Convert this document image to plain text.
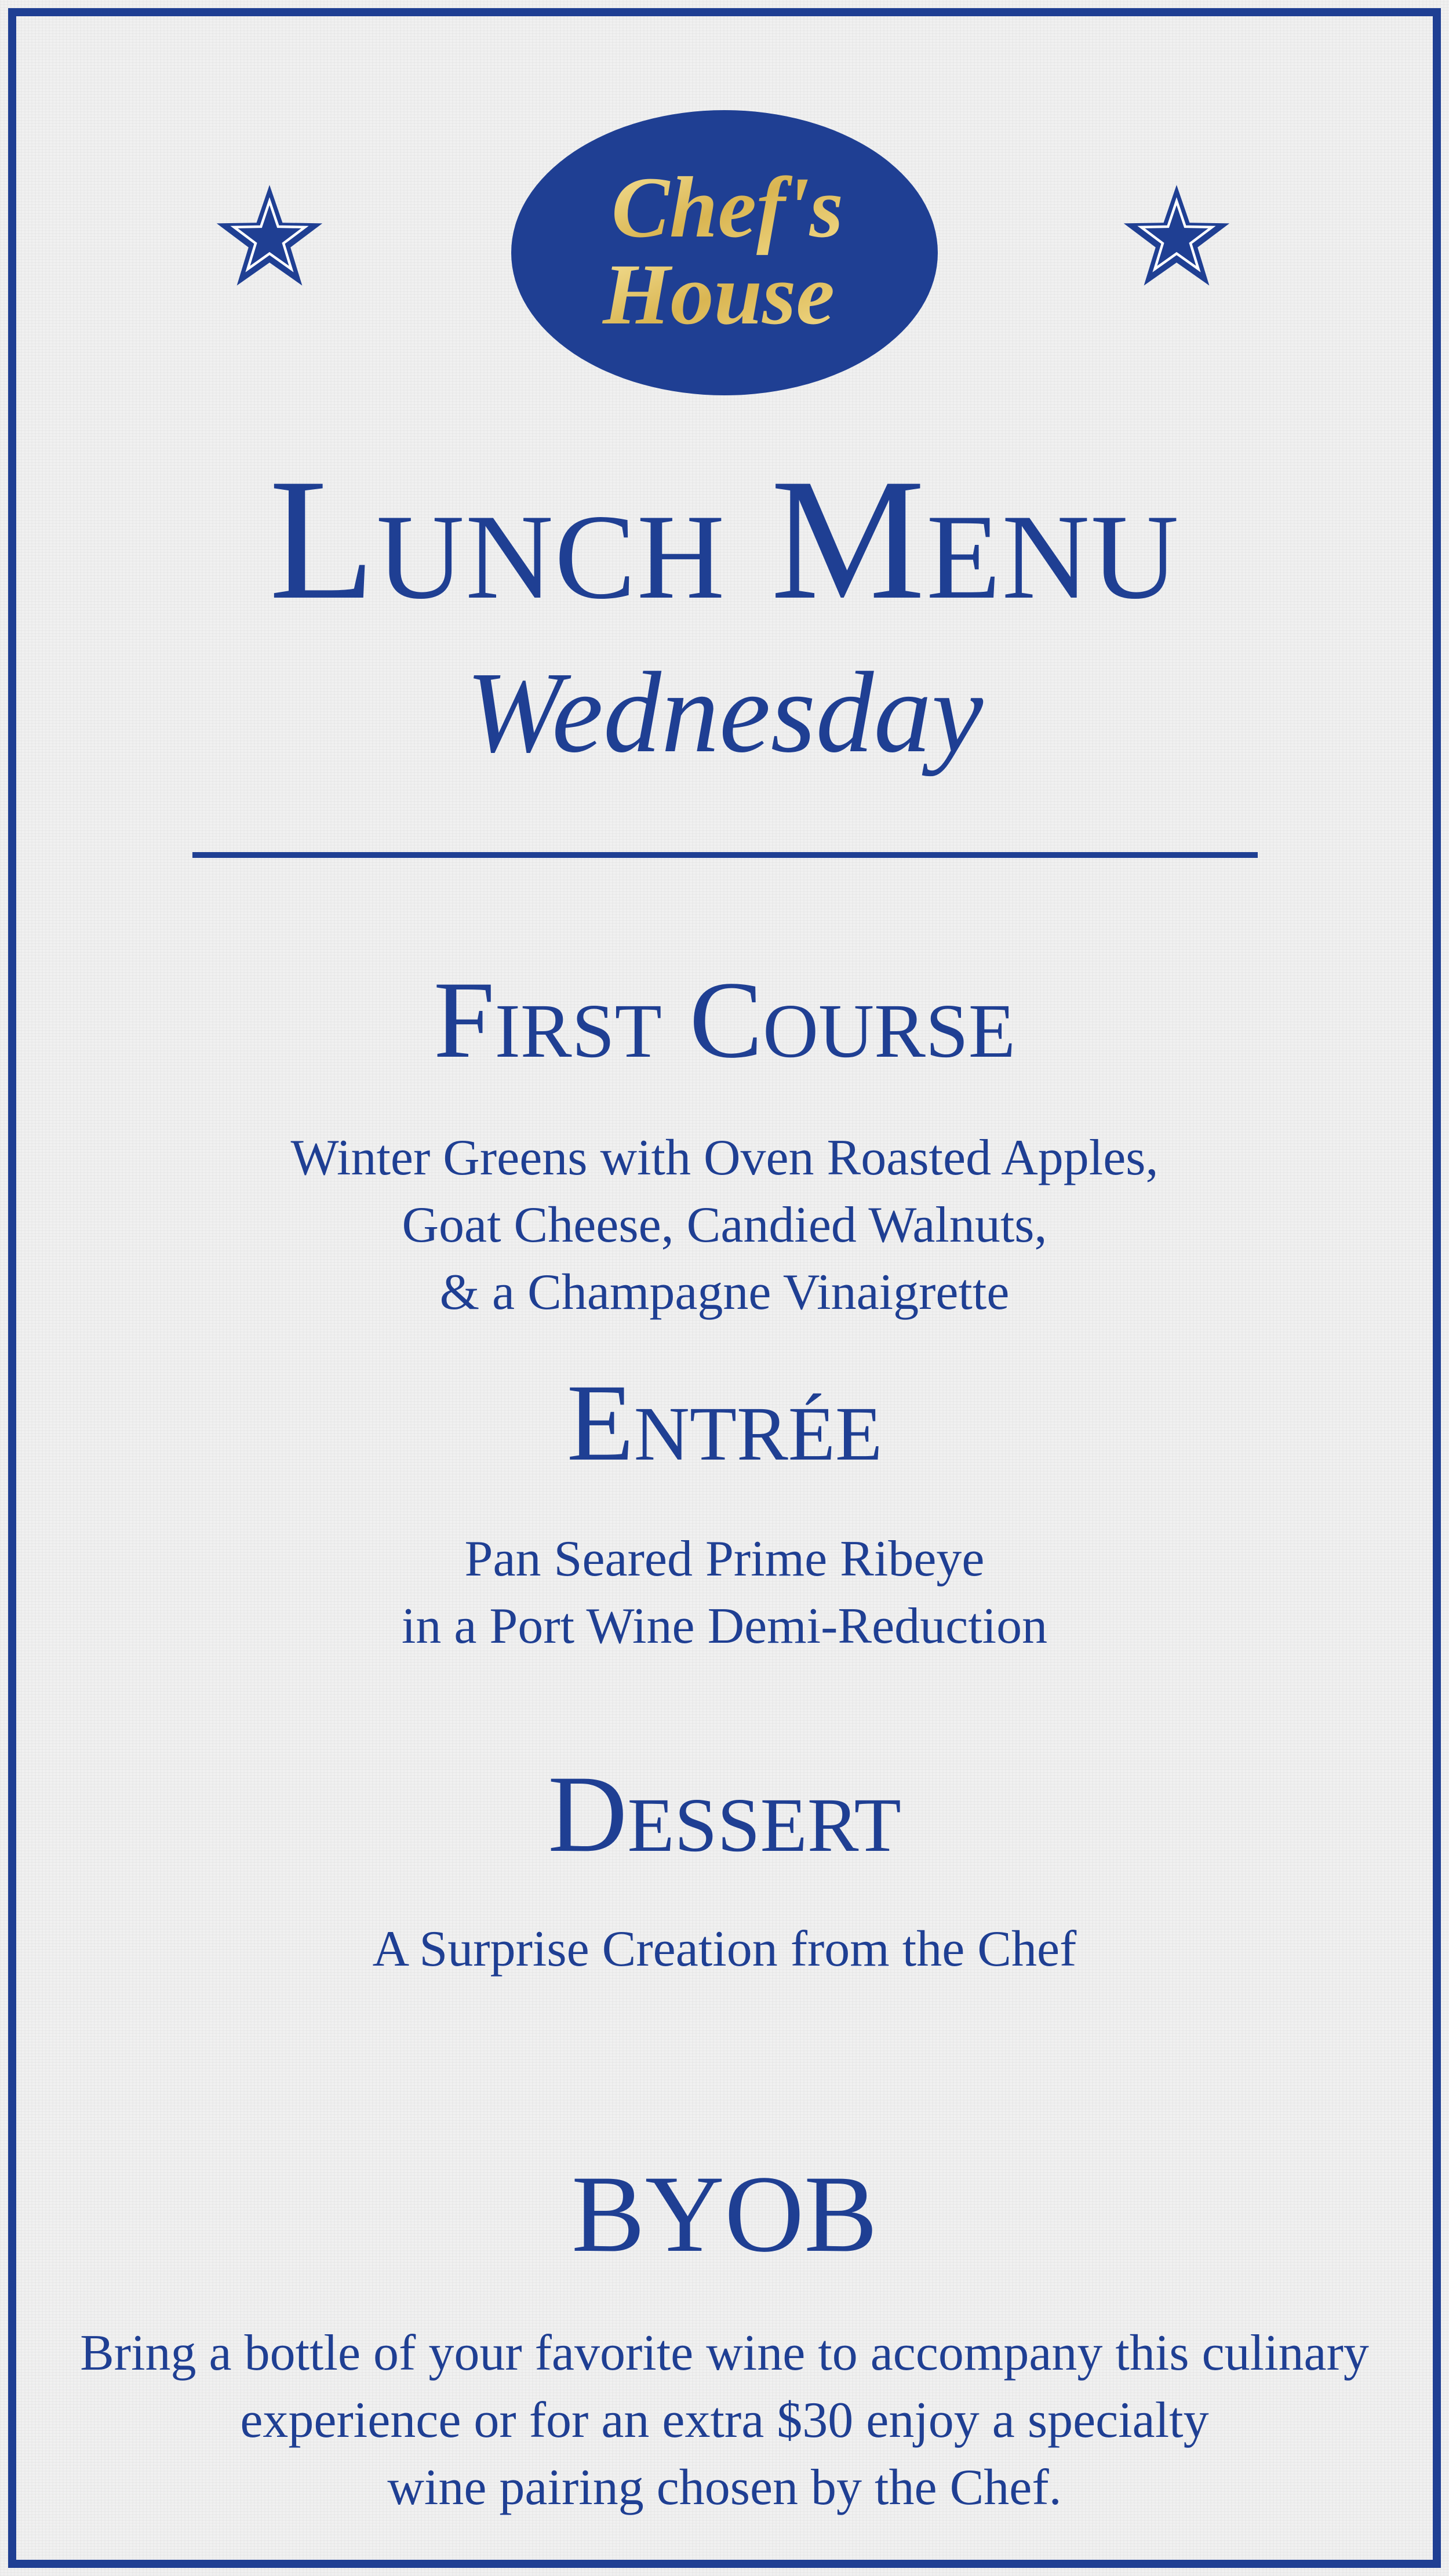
Chef's
House
Lunch Menu
Wednesday
First Course
Winter Greens with Oven Roasted Apples,
Goat Cheese, Candied Walnuts,
& a Champagne Vinaigrette
Entrée
Pan Seared Prime Ribeye
in a Port Wine Demi-Reduction
Dessert
A Surprise Creation from the Chef
BYOB
Bring a bottle of your favorite wine to accompany this culinary
experience or for an extra $30 enjoy a specialty
wine pairing chosen by the Chef.
